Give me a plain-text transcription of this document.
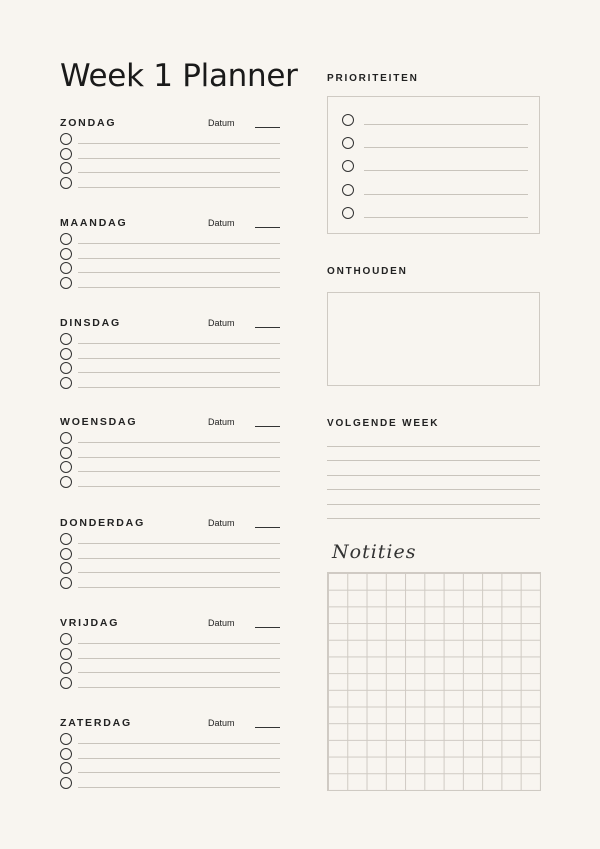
Week 1 Planner
ZONDAG	Datum
MAANDAG	Datum
DINSDAG	Datum
WOENSDAG	Datum
DONDERDAG	Datum
VRIJDAG	Datum
ZATERDAG	Datum
PRIORITEITEN
ONTHOUDEN
VOLGENDE WEEK
Notities
